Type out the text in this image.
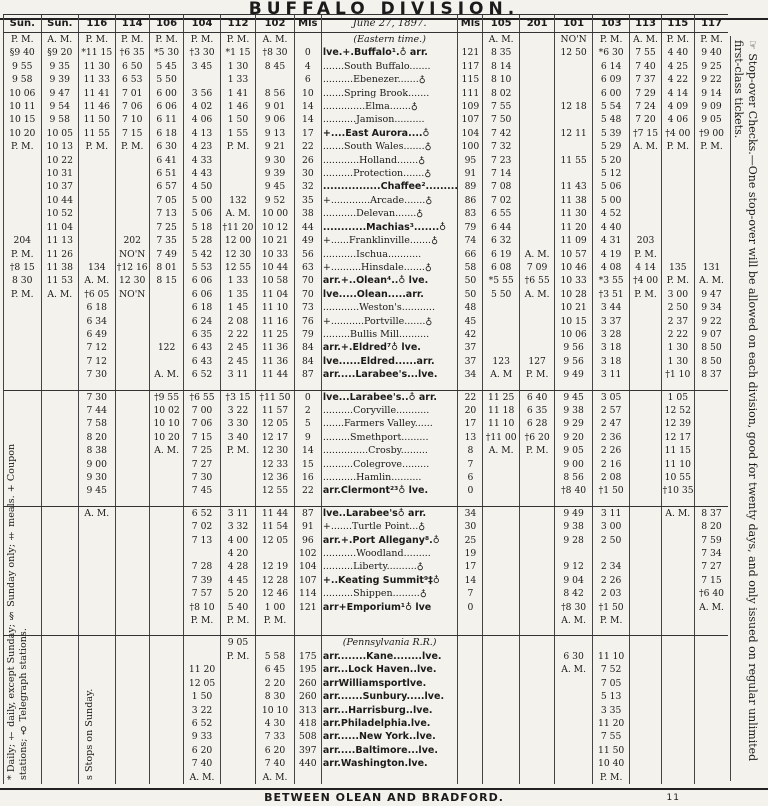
BUFFALO DIVISION.
Sun.	Sun.	116	114	106	104	112	102	Mls	June 27, 1897.	Mls	105	201	101	103	113	115	117
P. M.	A. M.	P. M.	P. M.	P. M.	P. M.	P. M.	A. M.		(Eastern time.)		A. M.		NO'N	P. M.	A. M.	P. M.	P. M.
§9 40	§9 20	*11 15	†6 35	*5 30	†3 30	*1 15	†8 30	0	lve.+.Buffalo¹.♁ arr.	121	8 35		12 50	*6 30	7 55	4 40	9 40
9 55	9 35	11 30	6 50	5 45	3 45	1 30	8 45	4	.......South Buffalo.......	117	8 14			6 14	7 40	4 25	9 25
9 58	9 39	11 33	6 53	5 50		1 33		6	..........Ebenezer.......♁	115	8 10			6 09	7 37	4 22	9 22
10 06	9 47	11 41	7 01	6 00	3 56	1 41	8 56	10	.......Spring Brook.......	111	8 02			6 00	7 29	4 14	9 14
10 11	9 54	11 46	7 06	6 06	4 02	1 46	9 01	14	..............Elma.......♁	109	7 55		12 18	5 54	7 24	4 09	9 09
10 15	9 58	11 50	7 10	6 11	4 06	1 50	9 06	14	...........Jamison..........	107	7 50			5 48	7 20	4 06	9 05
10 20	10 05	11 55	7 15	6 18	4 13	1 55	9 13	17	+....East Aurora....♁	104	7 42		12 11	5 39	†7 15	†4 00	†9 00
P. M.	10 13	P. M.	P. M.	6 30	4 23	P. M.	9 21	22	.......South Wales.......♁	100	7 32			5 29	A. M.	P. M.	P. M.
	10 22			6 41	4 33		9 30	26	............Holland.......♁	95	7 23		11 55	5 20			
	10 31			6 51	4 43		9 39	30	..........Protection.......♁	91	7 14			5 12			
	10 37			6 57	4 50		9 45	32	................Chaffee².........	89	7 08		11 43	5 06			
	10 44			7 05	5 00	132	9 52	35	+.............Arcade.......♁	86	7 02		11 38	5 00			
	10 52			7 13	5 06	A. M.	10 00	38	...........Delevan.......♁	83	6 55		11 30	4 52			
	11 04			7 25	5 18	†11 20	10 12	44	............Machias³.......♁	79	6 44		11 20	4 40			
204	11 13		202	7 35	5 28	12 00	10 21	49	+......Franklinville.......♁	74	6 32		11 09	4 31	203		
P. M.	11 26		NO'N	7 49	5 42	12 30	10 33	56	...........Ischua...........	66	6 19	A. M.	10 57	4 19	P. M.		
†8 15	11 38	134	†12 16	8 01	5 53	12 55	10 44	63	+..........Hinsdale.......♁	58	6 08	7 09	10 46	4 08	4 14	135	131
8 30	11 53	A. M.	12 30	8 15	6 06	1 33	10 58	70	arr.+..Olean⁴..♁ lve.	50	*5 55	†6 55	10 33	*3 55	†4 00	P. M.	A. M.
P. M.	A. M.	†6 05	NO'N		6 06	1 35	11 04	70	lve.....Olean.....arr.	50	5 50	A. M.	10 28	†3 51	P. M.	3 00	9 47
		6 18			6 18	1 45	11 10	73	............Weston's...........	48			10 21	3 44		2 50	9 34
		6 34			6 24	2 08	11 16	76	+...........Portville.......♁	45			10 15	3 37		2 37	9 22
		6 49			6 35	2 22	11 25	79	.........Bullis Mill..........	42			10 06	3 28		2 22	9 07
		7 12		122	6 43	2 45	11 36	84	arr.+.Eldred⁷♁ lve.	37			9 56	3 18		1 30	8 50
		7 12			6 43	2 45	11 36	84	lve......Eldred......arr.	37	123	127	9 56	3 18		1 30	8 50
		7 30		A. M.	6 52	3 11	11 44	87	arr.....Larabee's...lve.	34	A. M	P. M.	9 49	3 11		†1 10	8 37

		7 30		†9 55	†6 55	†3 15	†11 50	0	lve...Larabee's..♁ arr.	22	11 25	6 40	9 45	3 05		1 05	
		7 44		10 02	7 00	3 22	11 57	2	..........Coryville...........	20	11 18	6 35	9 38	2 57		12 52	
		7 58		10 10	7 06	3 30	12 05	5	.......Farmers Valley......	17	11 10	6 28	9 29	2 47		12 39	
		8 20		10 20	7 15	3 40	12 17	9	.........Smethport.........	13	†11 00	†6 20	9 20	2 36		12 17	
		8 38		A. M.	7 25	P. M.	12 30	14	...............Crosby.........	8	A. M.	P. M.	9 05	2 26		11 15	
		9 00			7 27		12 33	15	..........Colegrove.........	7			9 00	2 16		11 10	
		9 30			7 30		12 36	16	...........Hamlin..........	6			8 56	2 08		10 55	
		9 45			7 45		12 55	22	arr.Clermont²³♁ lve.	0			†8 40	†1 50		†10 35	

		A. M.			6 52	3 11	11 44	87	lve..Larabee's♁ arr.	34			9 49	3 11		A. M.	8 37
					7 02	3 32	11 54	91	+.......Turtle Point...♁	30			9 38	3 00			8 20
					7 13	4 00	12 05	96	arr.+.Port Allegany⁸.♁	25			9 28	2 50			7 59
						4 20		102	...........Woodland.........	19							7 34
					7 28	4 28	12 19	104	..........Liberty..........♁	17			9 12	2 34			7 27
					7 39	4 45	12 28	107	+..Keating Summit⁹‡♁	14			9 04	2 26			7 15
					7 57	5 20	12 46	114	..........Shippen.........♁	7			8 42	2 03			†6 40
					†8 10	5 40	1 00	121	arr+Emporium¹♁ lve	0			†8 30	†1 50			A. M.
					P. M.	P. M.	P. M.						A. M.	P. M.			

						9 05			(Pennsylvania R.R.)								
						P. M.	5 58	175	arr........Kane........lve.				6 30	11 10			
					11 20		6 45	195	arr...Lock Haven..lve.				A. M.	7 52			
					12 05		2 20	260	arrWilliamsportlve.					7 05			
					1 50		8 30	260	arr.......Sunbury.....lve.					5 13			
					3 22		10 10	313	arr...Harrisburg..lve.					3 35			
					6 52		4 30	418	arr.Philadelphia.lve.					11 20			
					9 33		7 33	508	arr......New York..lve.					7 55			
					6 20		6 20	397	arr.....Baltimore...lve.					11 50			
					7 40		7 40	440	arr.Washington.lve.					10 40			
					A. M.		A. M.							P. M.			
☞ Stop-over Checks.—One stop-over will be allowed on each division, good for twenty days, and only issued on regular unlimited first-class tickets.
BETWEEN OLEAN AND BRADFORD.	11
* Daily; † daily, except Sunday; § Sunday only; ‡ meals. + Coupon stations; ♁ Telegraph stations.	s Stops on Sunday.
